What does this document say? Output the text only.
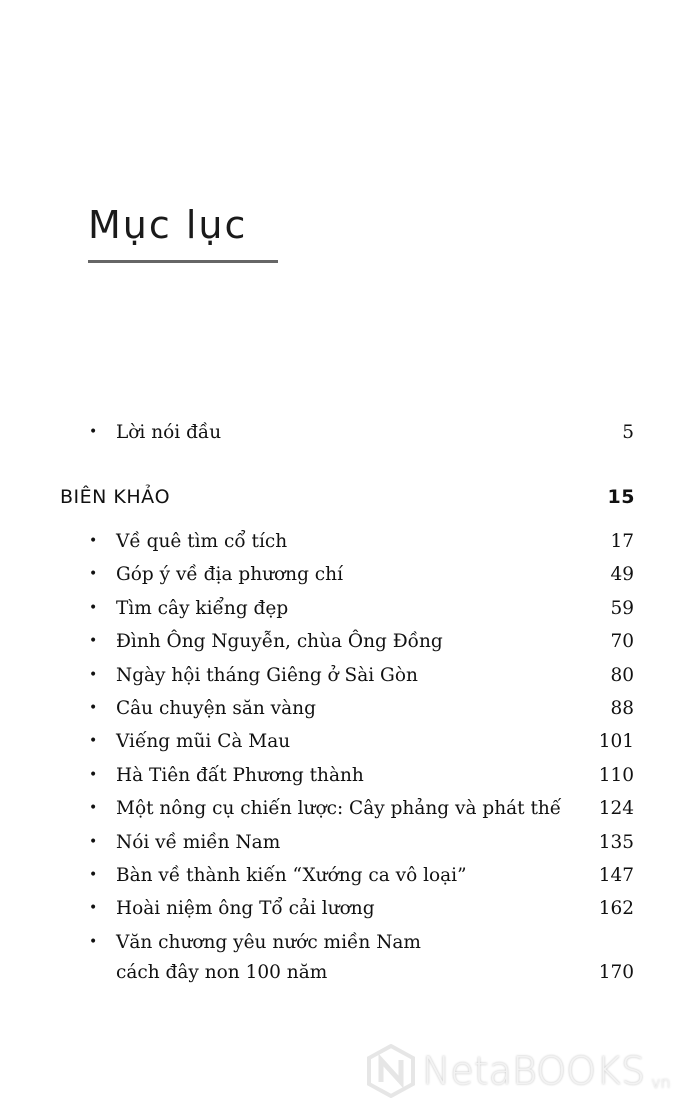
Mục lục
• Lời nói đầu	5
BIÊN KHẢO	15
• Về quê tìm cổ tích	17
• Góp ý về địa phương chí	49
• Tìm cây kiểng đẹp	59
• Đình Ông Nguyễn, chùa Ông Đồng	70
• Ngày hội tháng Giêng ở Sài Gòn	80
• Câu chuyện săn vàng	88
• Viếng mũi Cà Mau	101
• Hà Tiên đất Phương thành	110
• Một nông cụ chiến lược: Cây phảng và phát thế 124
• Nói về miền Nam	135
• Bàn về thành kiến “Xướng ca vô loại”	147
• Hoài niệm ông Tổ cải lương	162
• Văn chương yêu nước miền Nam
cách đây non 100 năm	170
NetaBOOKS vn
